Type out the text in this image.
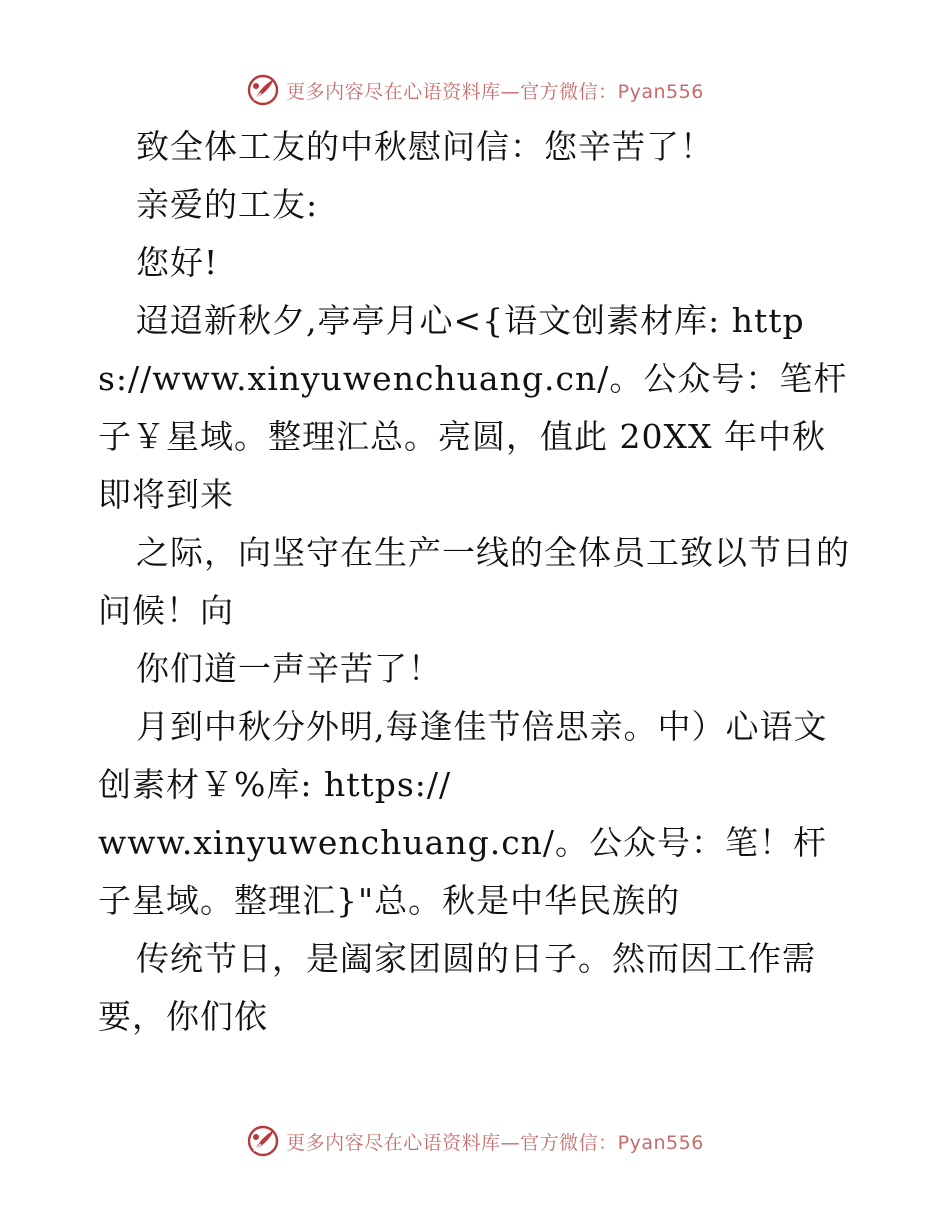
更多内容尽在心语资料库—官方微信：Pyan556

致全体工友的中秋慰问信：您辛苦了！

亲爱的工友:

您好!

迢迢新秋夕,亭亭月心<{语文创素材库: https://www.xinyuwenchuang.cn/。公众号：笔杆子￥星域。整理汇总。亮圆，值此 20XX 年中秋即将到来

之际，向坚守在生产一线的全体员工致以节日的问候！向

你们道一声辛苦了！

月到中秋分外明,每逢佳节倍思亲。中）心语文创素材￥%库: https://

www.xinyuwenchuang.cn/。公众号：笔！杆子星域。整理汇}"总。秋是中华民族的

传统节日，是阖家团圆的日子。然而因工作需要，你们依

更多内容尽在心语资料库—官方微信：Pyan556
